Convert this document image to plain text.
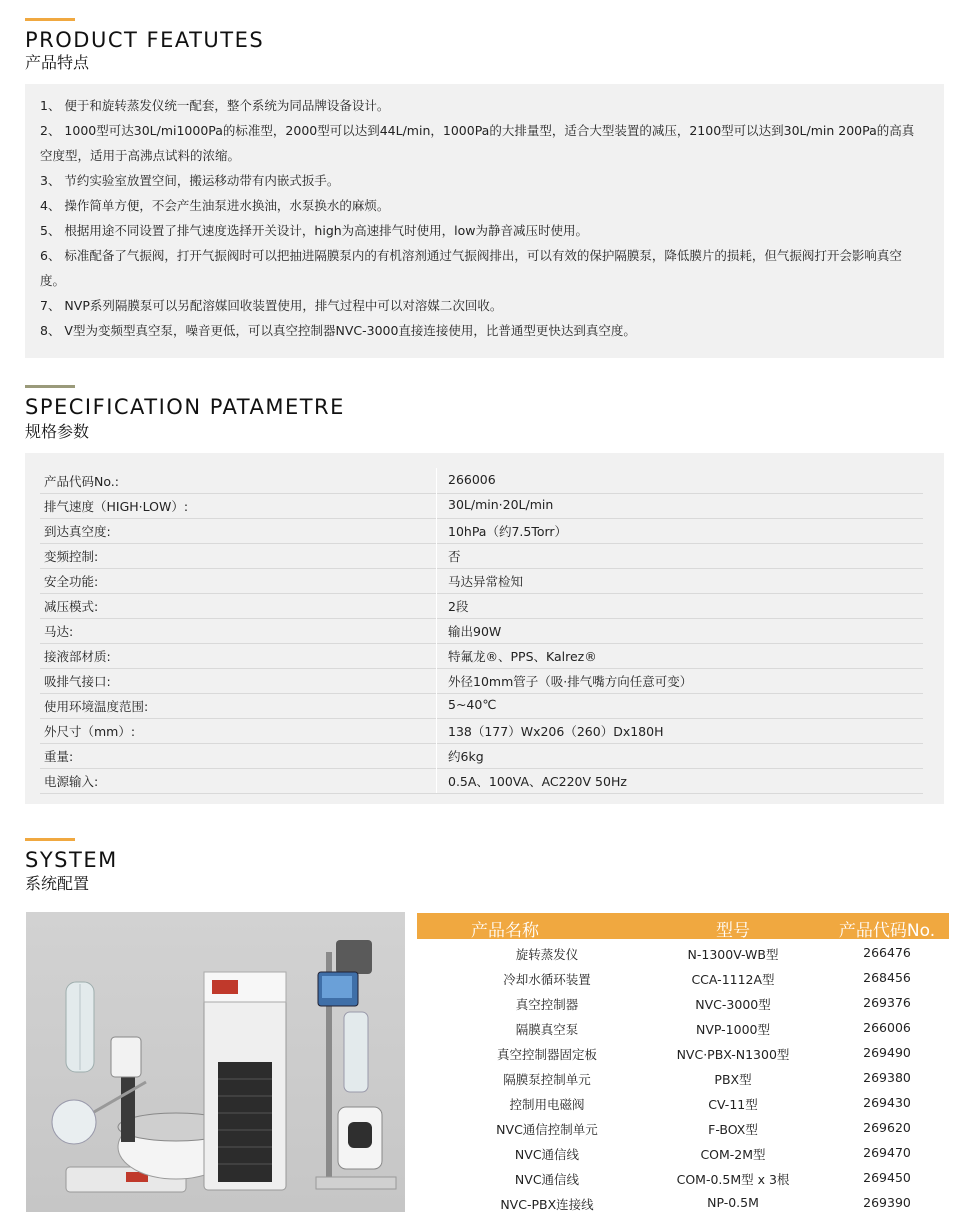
PRODUCT FEATUTES
产品特点
1、 便于和旋转蒸发仪统一配套，整个系统为同品牌设备设计。
2、 1000型可达30L/mi1000Pa的标准型，2000型可以达到44L/min，1000Pa的大排量型，适合大型装置的减压，2100型可以达到30L/min 200Pa的高真空度型，适用于高沸点试料的浓缩。
3、 节约实验室放置空间，搬运移动带有内嵌式扳手。
4、 操作简单方便，不会产生油泵进水换油，水泵换水的麻烦。
5、 根据用途不同设置了排气速度选择开关设计，high为高速排气时使用，low为静音减压时使用。
6、 标准配备了气振阀，打开气振阀时可以把抽进隔膜泵内的有机溶剂通过气振阀排出，可以有效的保护隔膜泵，降低膜片的损耗，但气振阀打开会影响真空度。
7、 NVP系列隔膜泵可以另配溶媒回收装置使用，排气过程中可以对溶媒二次回收。
8、 V型为变频型真空泵，噪音更低，可以真空控制器NVC-3000直接连接使用，比普通型更快达到真空度。
SPECIFICATION PATAMETRE
规格参数
产品代码No.:	266006
排气速度（HIGH·LOW）:	30L/min·20L/min
到达真空度:	10hPa（约7.5Torr）
变频控制:	否
安全功能:	马达异常检知
减压模式:	2段
马达:	输出90W
接液部材质:	特氟龙®、PPS、Kalrez®
吸排气接口:	外径10mm管子（吸·排气嘴方向任意可变）
使用环境温度范围:	5~40℃
外尺寸（mm）:	138（177）Wx206（260）Dx180H
重量:	约6kg
电源输入:	0.5A、100VA、AC220V 50Hz
SYSTEM
系统配置
产品名称	型号	产品代码No.
旋转蒸发仪	N-1300V-WB型	266476
冷却水循环装置	CCA-1112A型	268456
真空控制器	NVC-3000型	269376
隔膜真空泵	NVP-1000型	266006
真空控制器固定板	NVC·PBX-N1300型	269490
隔膜泵控制单元	PBX型	269380
控制用电磁阀	CV-11型	269430
NVC通信控制单元	F-BOX型	269620
NVC通信线	COM-2M型	269470
NVC通信线	COM-0.5M型 x 3根	269450
NVC-PBX连接线	NP-0.5M	269390
